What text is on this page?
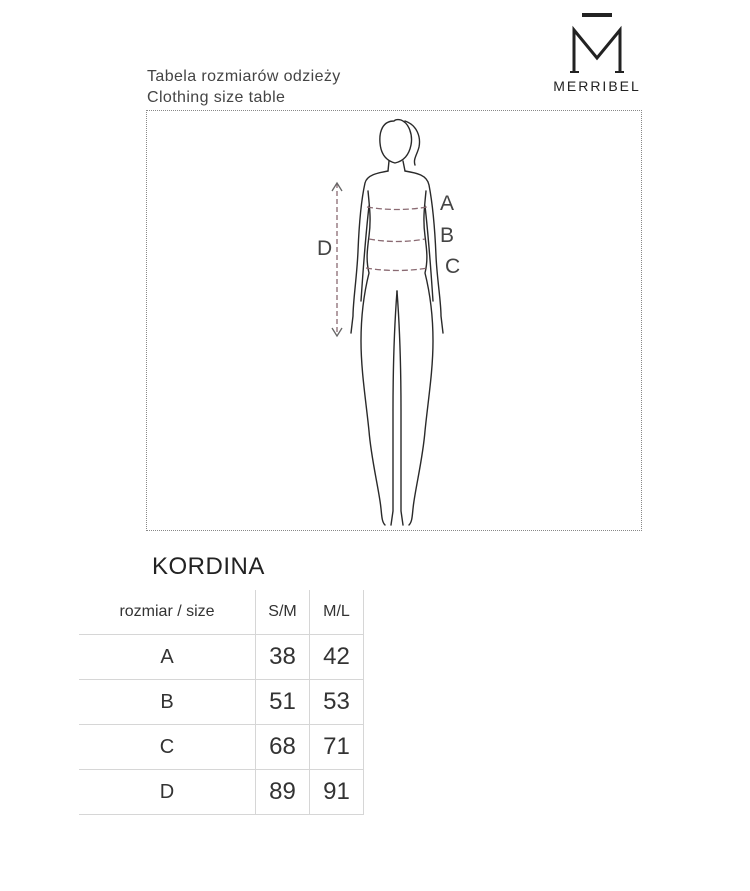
Tabela rozmiarów odzieży
Clothing size table
MERRIBEL
A
B
C
D
KORDINA
rozmiar / size	S/M	M/L
A	38	42
B	51	53
C	68	71
D	89	91
